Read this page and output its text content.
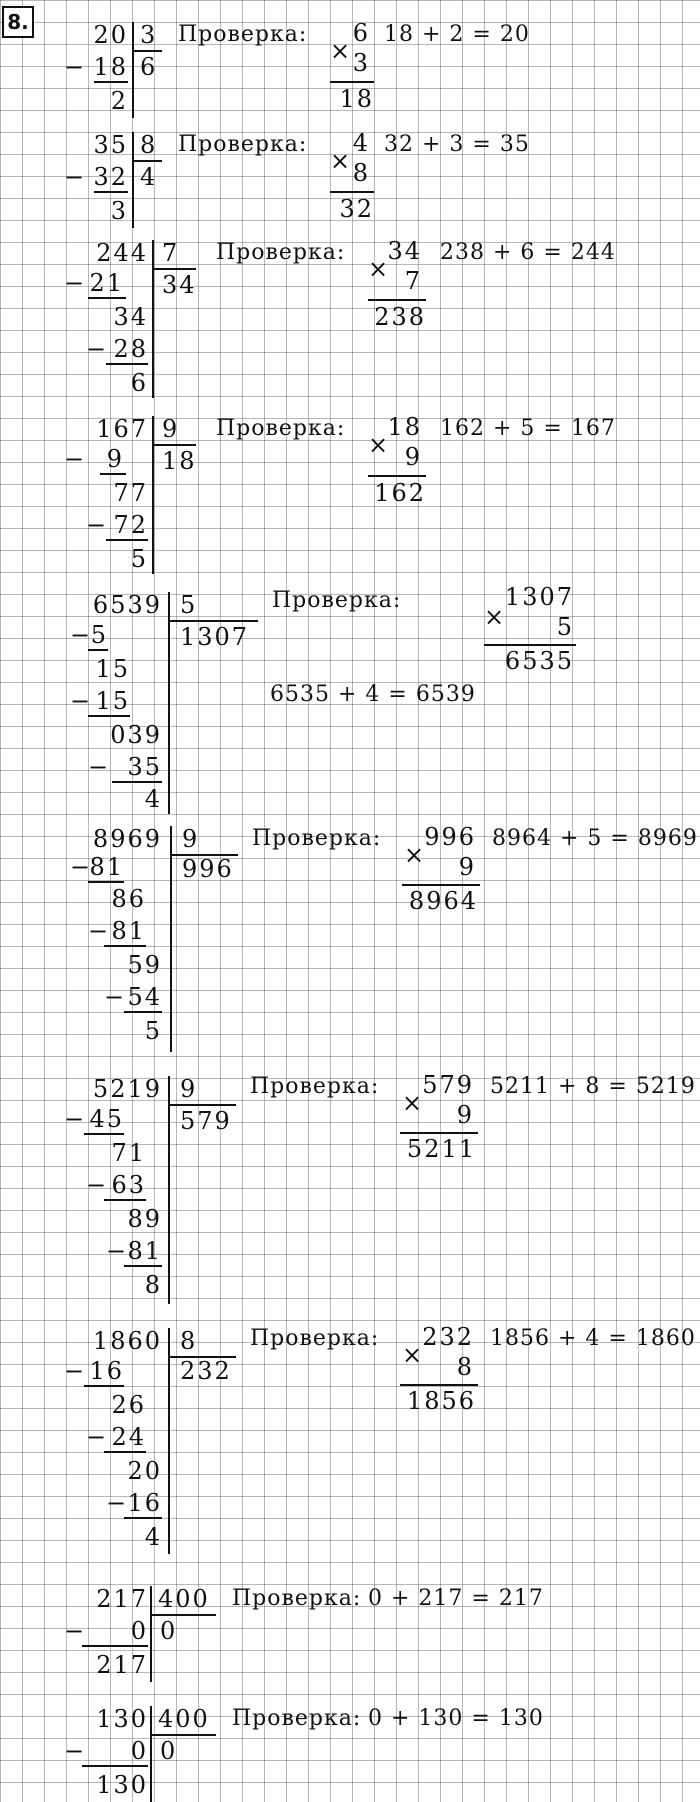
8.	20 3
6
− 18
2
Проверка:
×
6
3
18
18 + 2 = 20
35 8
4
− 32
3
Проверка:
×
4
8
32
32 + 3 = 35
244 7
34
− 21
34
− 28
6
Проверка:
×
34
7
238
238 + 6 = 244
167 9
18
− 9
77
− 72
5
Проверка:
×
18
9
162
162 + 5 = 167
6539 5
1307
−
5
15
− 15
039
− 35
4
Проверка:
×
1307
5
6535
6535 + 4 = 6539
8969 9
996
−
81
86
− 81
59
− 54
5
Проверка:
×
996
9
8964
8964 + 5 = 8969
5219 9
579
− 45
71
− 63
89
− 81
8
Проверка:
×
579
9
5211
5211 + 8 = 5219
1860 8
232
− 16
26
− 24
20
− 16
4
Проверка:
×
232
8
1856
1856 + 4 = 1860
217 400
0
−	0
217
Проверка: 0 + 217 = 217
130 400
0
−	0
130
Проверка: 0 + 130 = 130
